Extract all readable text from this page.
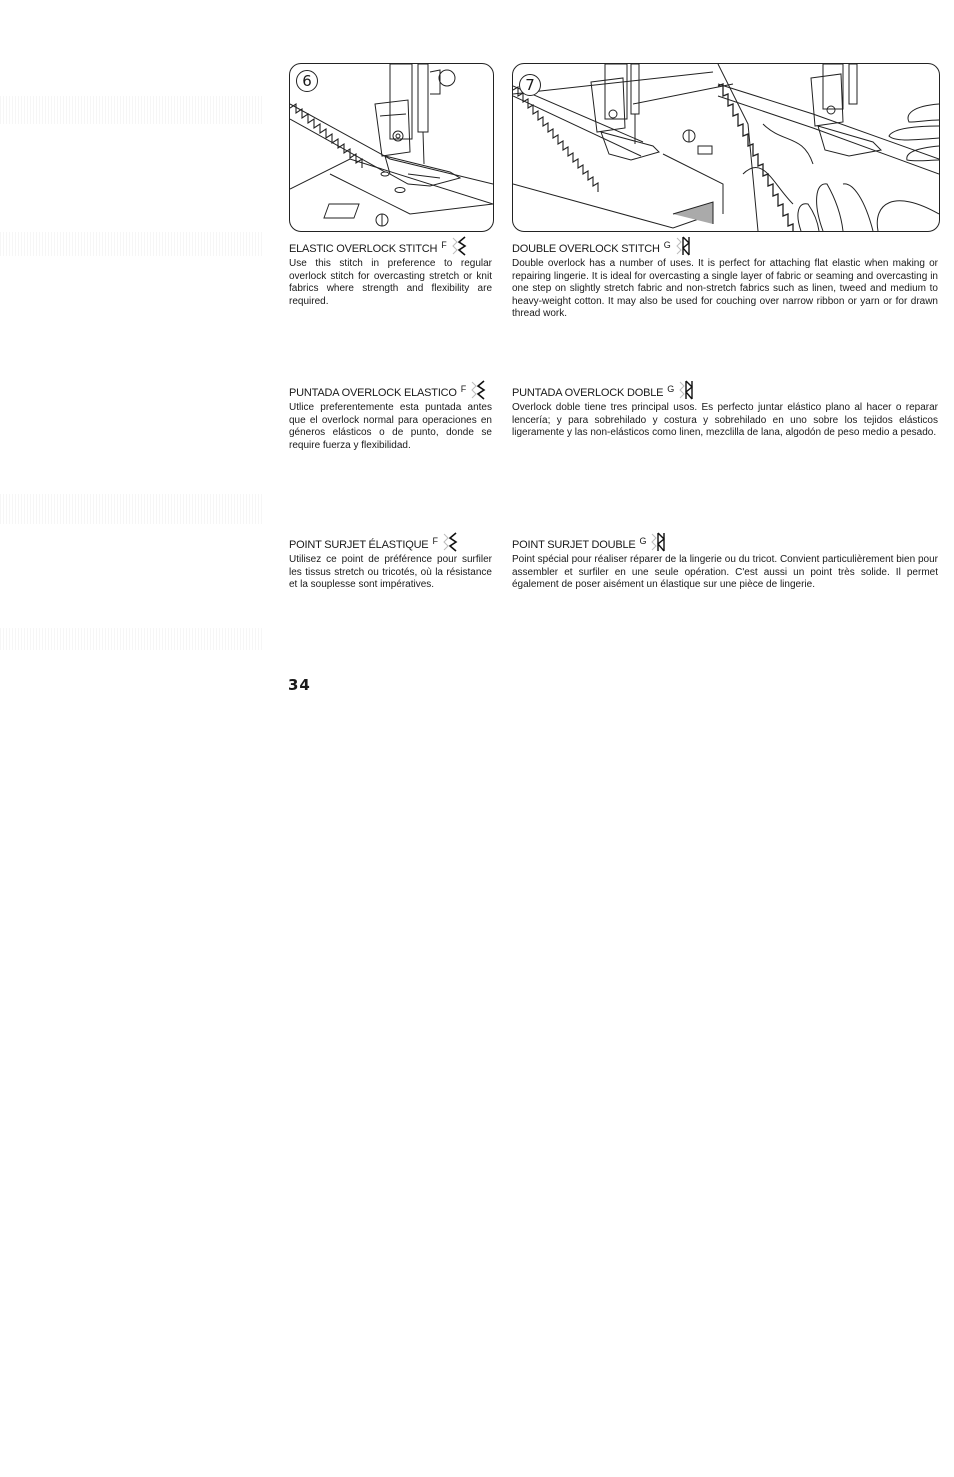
6	7
ELASTIC OVERLOCK STITCH F
Use this stitch in preference to regular overlock stitch for overcasting stretch or knit fabrics where strength and flexibility are required.
DOUBLE OVERLOCK STITCH G
Double overlock has a number of uses. It is perfect for attaching flat elastic when making or repairing lingerie. It is ideal for overcasting a single layer of fabric or seaming and overcasting in one step on slightly stretch fabric and non-stretch fabrics such as linen, tweed and medium to heavy-weight cotton. It may also be used for couching over narrow ribbon or yarn or for drawn thread work.
PUNTADA OVERLOCK ELASTICO F
Utlice preferentemente esta puntada antes que el overlock normal para operaciones en géneros elásticos o de punto, donde se require fuerza y flexibilidad.
PUNTADA OVERLOCK DOBLE G
Overlock doble tiene tres principal usos. Es perfecto juntar elástico plano al hacer o reparar lencería; y para sobrehilado y costura y sobrehilado en uno sobre los tejidos elásticos ligeramente y las non-elásticos como linen, mezclilla de lana, algodón de peso medio a pesado.
POINT SURJET ÉLASTIQUE F
Utilisez ce point de préférence pour surfiler les tissus stretch ou tricotés, où la résistance et la souplesse sont impératives.
POINT SURJET DOUBLE G
Point spécial pour réaliser réparer de la lingerie ou du tricot. Convient particulièrement bien pour assembler et surfiler en une seule opération. C'est aussi un point très solide. Il permet également de poser aisément un élastique sur une pièce de lingerie.
34
